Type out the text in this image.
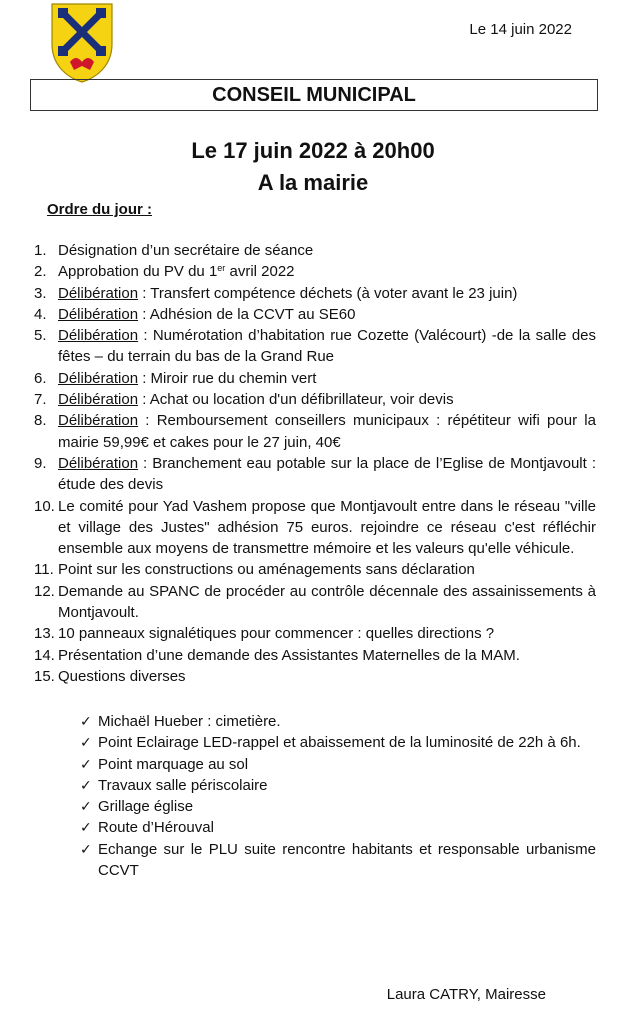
Le 14 juin 2022
CONSEIL MUNICIPAL
Le 17 juin 2022 à 20h00
A la mairie
Ordre du jour :
1. Désignation d’un secrétaire de séance
2. Approbation du PV du 1er avril 2022
3. Délibération : Transfert compétence déchets (à voter avant le 23 juin)
4. Délibération : Adhésion de la CCVT au SE60
5. Délibération : Numérotation d’habitation rue Cozette (Valécourt) -de la salle des fêtes – du terrain du bas de la Grand Rue
6. Délibération : Miroir rue du chemin vert
7. Délibération : Achat ou location d'un défibrillateur, voir devis
8. Délibération : Remboursement conseillers municipaux : répétiteur wifi pour la mairie 59,99€ et cakes pour le 27 juin, 40€
9. Délibération : Branchement eau potable sur la place de l’Eglise de Montjavoult : étude des devis
10. Le comité pour Yad Vashem propose que Montjavoult entre dans le réseau "ville et village des Justes" adhésion 75 euros. rejoindre ce réseau c'est réfléchir ensemble aux moyens de transmettre mémoire et les valeurs qu'elle véhicule.
11. Point sur les constructions ou aménagements sans déclaration
12. Demande au SPANC de procéder au contrôle décennale des assainissements à Montjavoult.
13. 10 panneaux signalétiques pour commencer : quelles directions ?
14. Présentation d’une demande des Assistantes Maternelles de la MAM.
15. Questions diverses
✓ Michaël Hueber : cimetière.
✓ Point Eclairage LED-rappel et abaissement de la luminosité de 22h à 6h.
✓ Point marquage au sol
✓ Travaux salle périscolaire
✓ Grillage église
✓ Route d’Hérouval
✓ Echange sur le PLU suite rencontre habitants et responsable urbanisme CCVT
Laura CATRY, Mairesse
